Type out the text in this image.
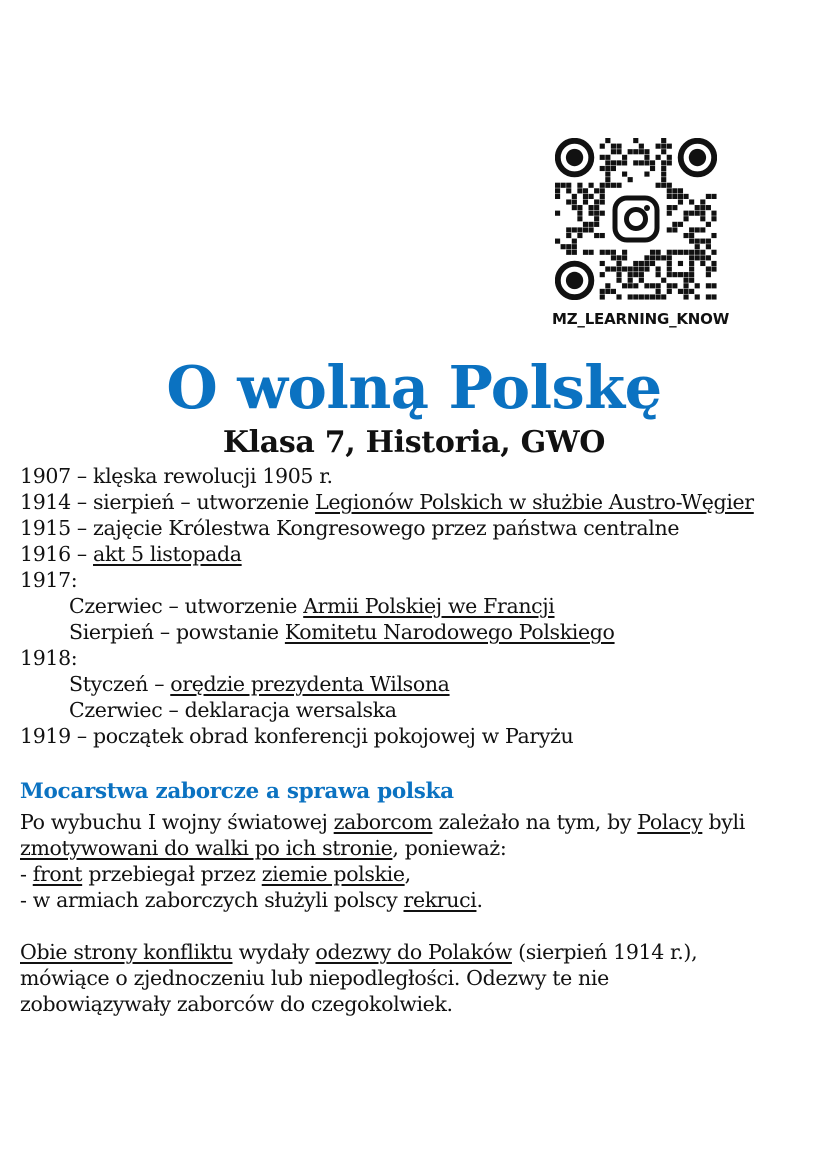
MZ_LEARNING_KNOW
O wolną Polskę
Klasa 7, Historia, GWO
1907 – klęska rewolucji 1905 r.
1914 – sierpień – utworzenie Legionów Polskich w służbie Austro-Węgier
1915 – zajęcie Królestwa Kongresowego przez państwa centralne
1916 – akt 5 listopada
1917:
Czerwiec – utworzenie Armii Polskiej we Francji
Sierpień – powstanie Komitetu Narodowego Polskiego
1918:
Styczeń – orędzie prezydenta Wilsona
Czerwiec – deklaracja wersalska
1919 – początek obrad konferencji pokojowej w Paryżu
Mocarstwa zaborcze a sprawa polska
Po wybuchu I wojny światowej zaborcom zależało na tym, by Polacy byli
zmotywowani do walki po ich stronie, ponieważ:
- front przebiegał przez ziemie polskie,
- w armiach zaborczych służyli polscy rekruci.
Obie strony konfliktu wydały odezwy do Polaków (sierpień 1914 r.),
mówiące o zjednoczeniu lub niepodległości. Odezwy te nie
zobowiązywały zaborców do czegokolwiek.
